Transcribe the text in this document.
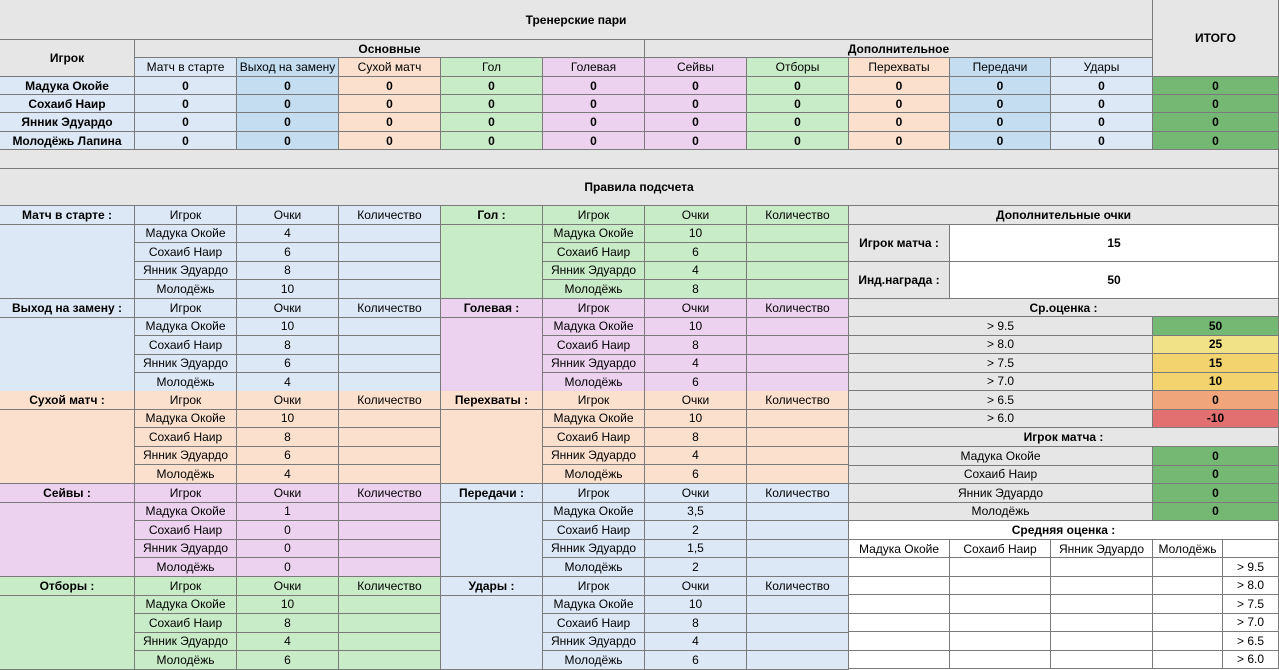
Тренерские пари
ИТОГО
Игрок
Основные	Дополнительное
Матч в старте	Выход на замену	Сухой матч	Гол	Голевая	Сейвы	Отборы	Перехваты	Передачи	Удары
Мадука Окойе	0	0	0	0	0	0	0	0	0	0	0
Сохаиб Наир	0	0	0	0	0	0	0	0	0	0	0
Янник Эдуардо	0	0	0	0	0	0	0	0	0	0	0
Молодёжь Лапина	0	0	0	0	0	0	0	0	0	0	0
Правила подсчета
Матч в старте :	Игрок	Очки	Количество
Мадука Окойе	4
Сохаиб Наир	6
Янник Эдуардо	8
Молодёжь	10
Гол :	Игрок	Очки	Количество
Мадука Окойе	10
Сохаиб Наир	6
Янник Эдуардо	4
Молодёжь	8
Выход на замену :	Игрок	Очки	Количество
Мадука Окойе	10
Сохаиб Наир	8
Янник Эдуардо	6
Молодёжь	4
Голевая :	Игрок	Очки	Количество
Мадука Окойе	10
Сохаиб Наир	8
Янник Эдуардо	4
Молодёжь	6
Сухой матч :	Игрок	Очки	Количество
Мадука Окойе	10
Сохаиб Наир	8
Янник Эдуардо	6
Молодёжь	4
Перехваты :	Игрок	Очки	Количество
Мадука Окойе	10
Сохаиб Наир	8
Янник Эдуардо	4
Молодёжь	6
Сейвы :	Игрок	Очки	Количество
Мадука Окойе	1
Сохаиб Наир	0
Янник Эдуардо	0
Молодёжь	0
Передачи :	Игрок	Очки	Количество
Мадука Окойе	3,5
Сохаиб Наир	2
Янник Эдуардо	1,5
Молодёжь	2
Отборы :	Игрок	Очки	Количество
Мадука Окойе	10
Сохаиб Наир	8
Янник Эдуардо	4
Молодёжь	6
Удары :	Игрок	Очки	Количество
Мадука Окойе	10
Сохаиб Наир	8
Янник Эдуардо	4
Молодёжь	6
Дополнительные очки
Игрок матча :	15
Инд.награда :	50
Ср.оценка :
> 9.5	50
> 8.0	25
> 7.5	15
> 7.0	10
> 6.5	0
> 6.0	-10
Игрок матча :
Мадука Окойе	0
Сохаиб Наир	0
Янник Эдуардо	0
Молодёжь	0
Средняя оценка :
Мадука Окойе	Сохаиб Наир	Янник Эдуардо	Молодёжь
> 9.5
> 8.0
> 7.5
> 7.0
> 6.5
> 6.0
